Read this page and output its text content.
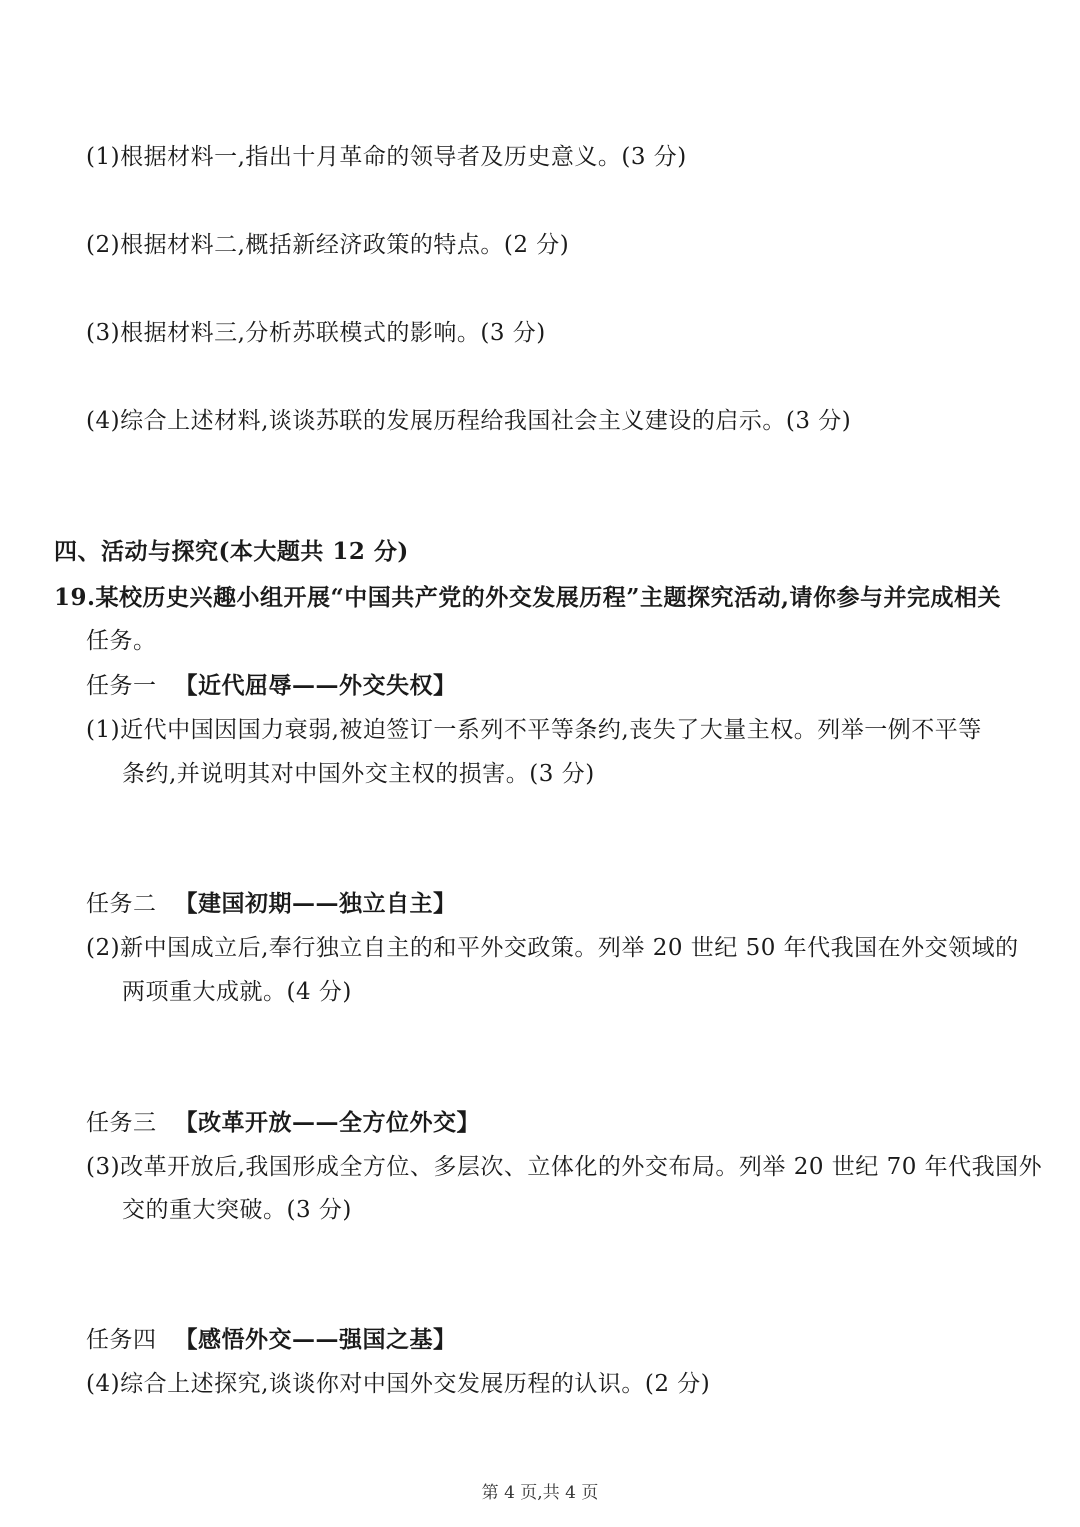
(1)根据材料一,指出十月革命的领导者及历史意义。(3 分)
(2)根据材料二,概括新经济政策的特点。(2 分)
(3)根据材料三,分析苏联模式的影响。(3 分)
(4)综合上述材料,谈谈苏联的发展历程给我国社会主义建设的启示。(3 分)
四、活动与探究(本大题共 12 分)
19.某校历史兴趣小组开展“中国共产党的外交发展历程”主题探究活动,请你参与并完成相关
任务。
任务一 【近代屈辱——外交失权】
(1)近代中国因国力衰弱,被迫签订一系列不平等条约,丧失了大量主权。列举一例不平等
条约,并说明其对中国外交主权的损害。(3 分)
任务二 【建国初期——独立自主】
(2)新中国成立后,奉行独立自主的和平外交政策。列举 20 世纪 50 年代我国在外交领域的
两项重大成就。(4 分)
任务三 【改革开放——全方位外交】
(3)改革开放后,我国形成全方位、多层次、立体化的外交布局。列举 20 世纪 70 年代我国外
交的重大突破。(3 分)
任务四 【感悟外交——强国之基】
(4)综合上述探究,谈谈你对中国外交发展历程的认识。(2 分)
第 4 页,共 4 页
